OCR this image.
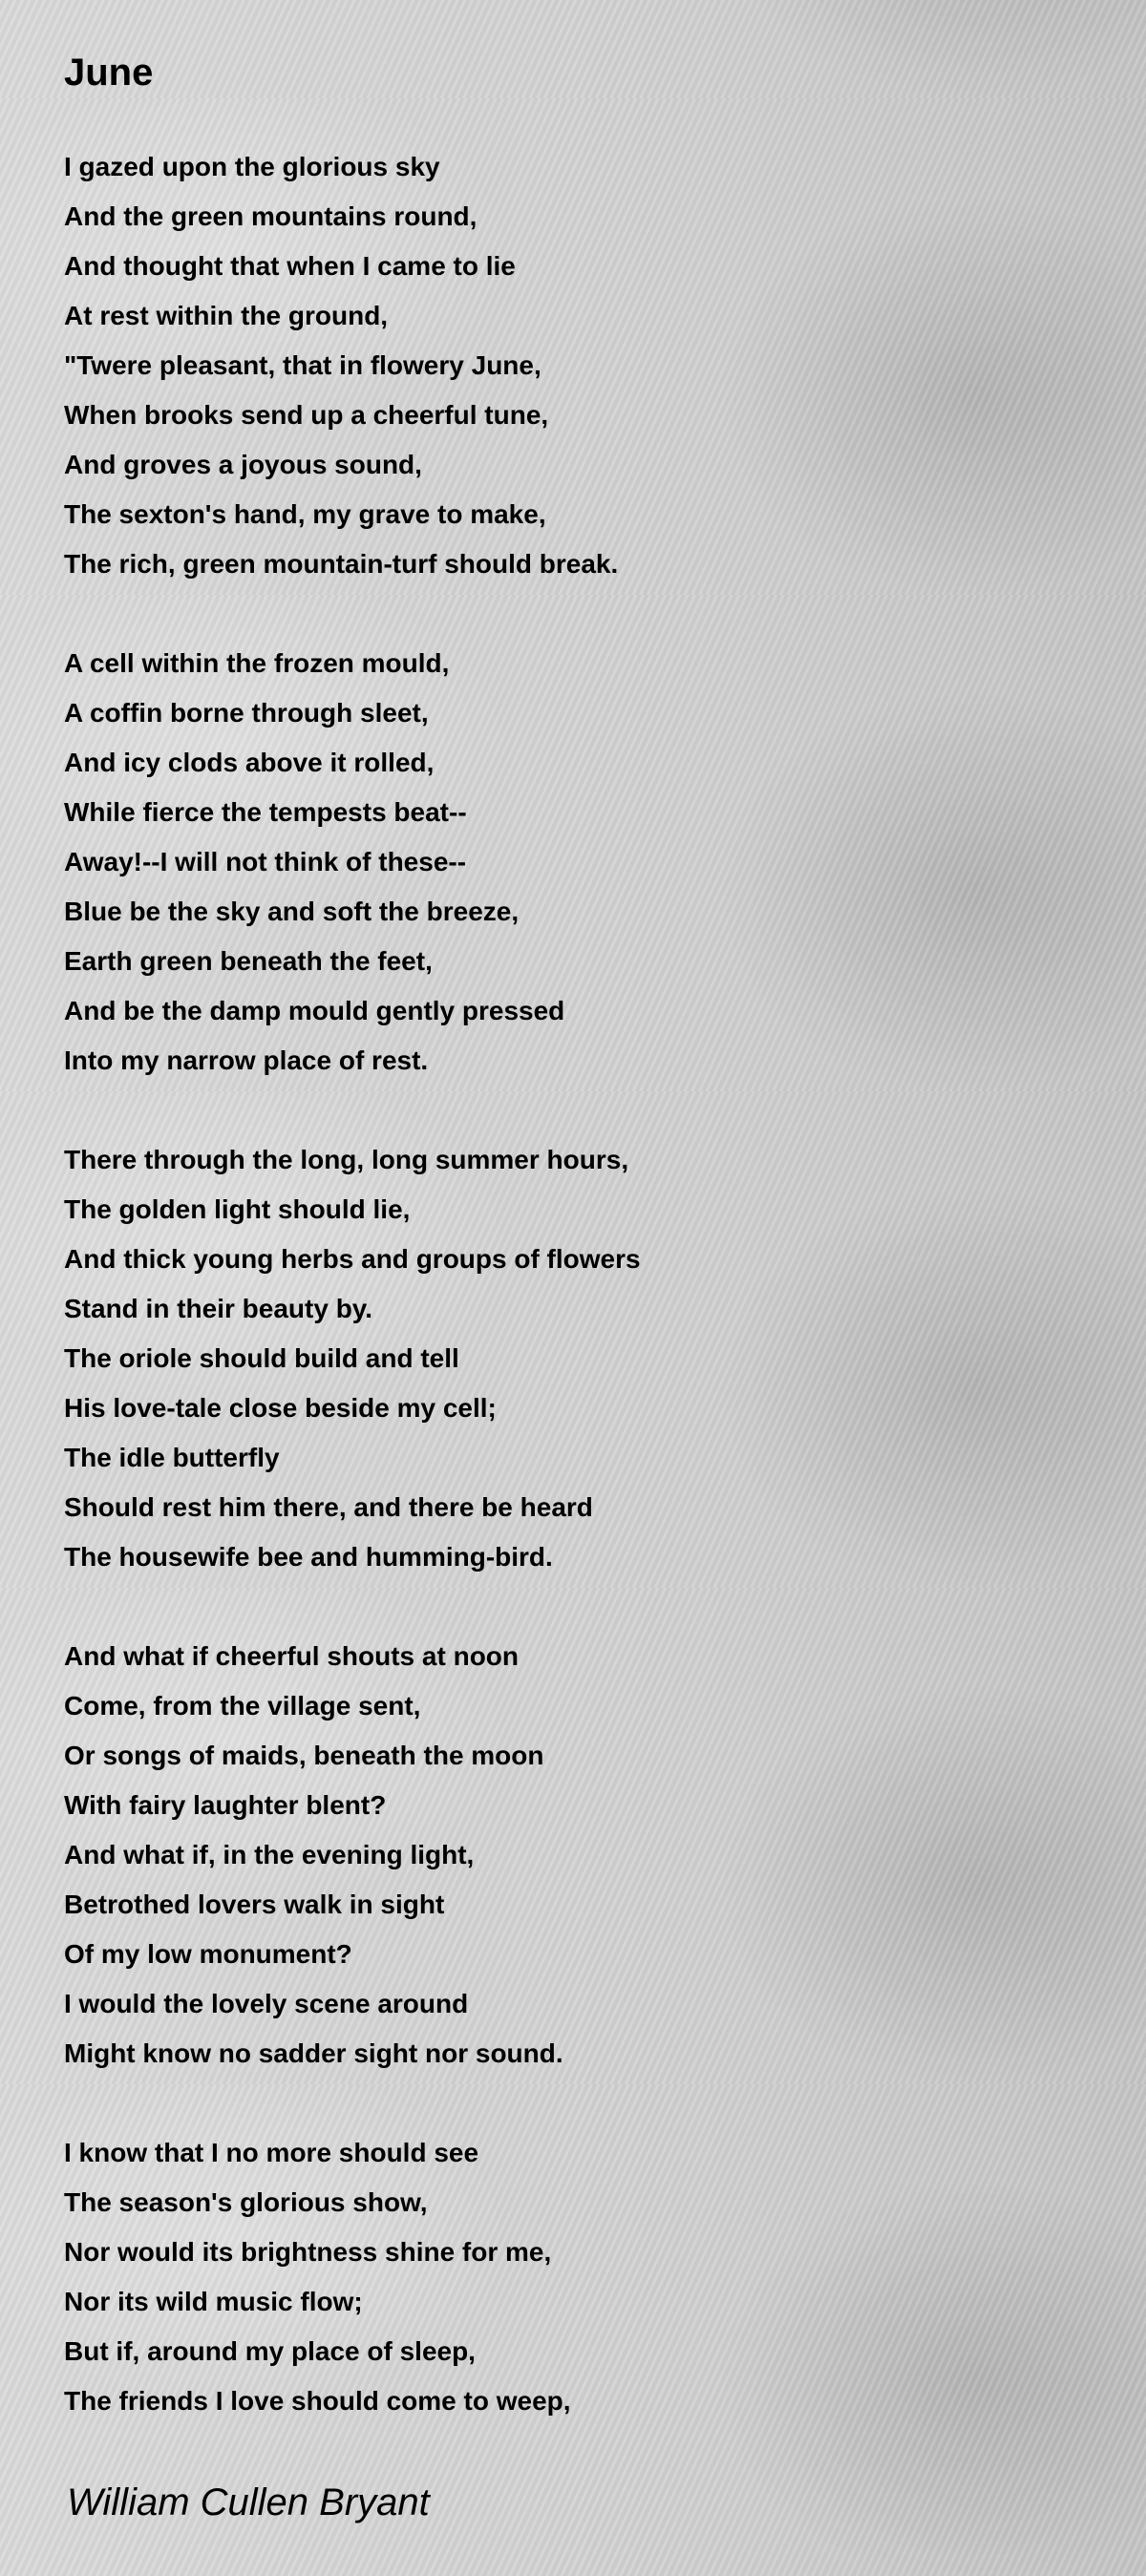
June
I gazed upon the glorious sky
And the green mountains round,
And thought that when I came to lie
At rest within the ground,
"Twere pleasant, that in flowery June,
When brooks send up a cheerful tune,
And groves a joyous sound,
The sexton's hand, my grave to make,
The rich, green mountain-turf should break.
A cell within the frozen mould,
A coffin borne through sleet,
And icy clods above it rolled,
While fierce the tempests beat--
Away!--I will not think of these--
Blue be the sky and soft the breeze,
Earth green beneath the feet,
And be the damp mould gently pressed
Into my narrow place of rest.
There through the long, long summer hours,
The golden light should lie,
And thick young herbs and groups of flowers
Stand in their beauty by.
The oriole should build and tell
His love-tale close beside my cell;
The idle butterfly
Should rest him there, and there be heard
The housewife bee and humming-bird.
And what if cheerful shouts at noon
Come, from the village sent,
Or songs of maids, beneath the moon
With fairy laughter blent?
And what if, in the evening light,
Betrothed lovers walk in sight
Of my low monument?
I would the lovely scene around
Might know no sadder sight nor sound.
I know that I no more should see
The season's glorious show,
Nor would its brightness shine for me,
Nor its wild music flow;
But if, around my place of sleep,
The friends I love should come to weep,
William Cullen Bryant
